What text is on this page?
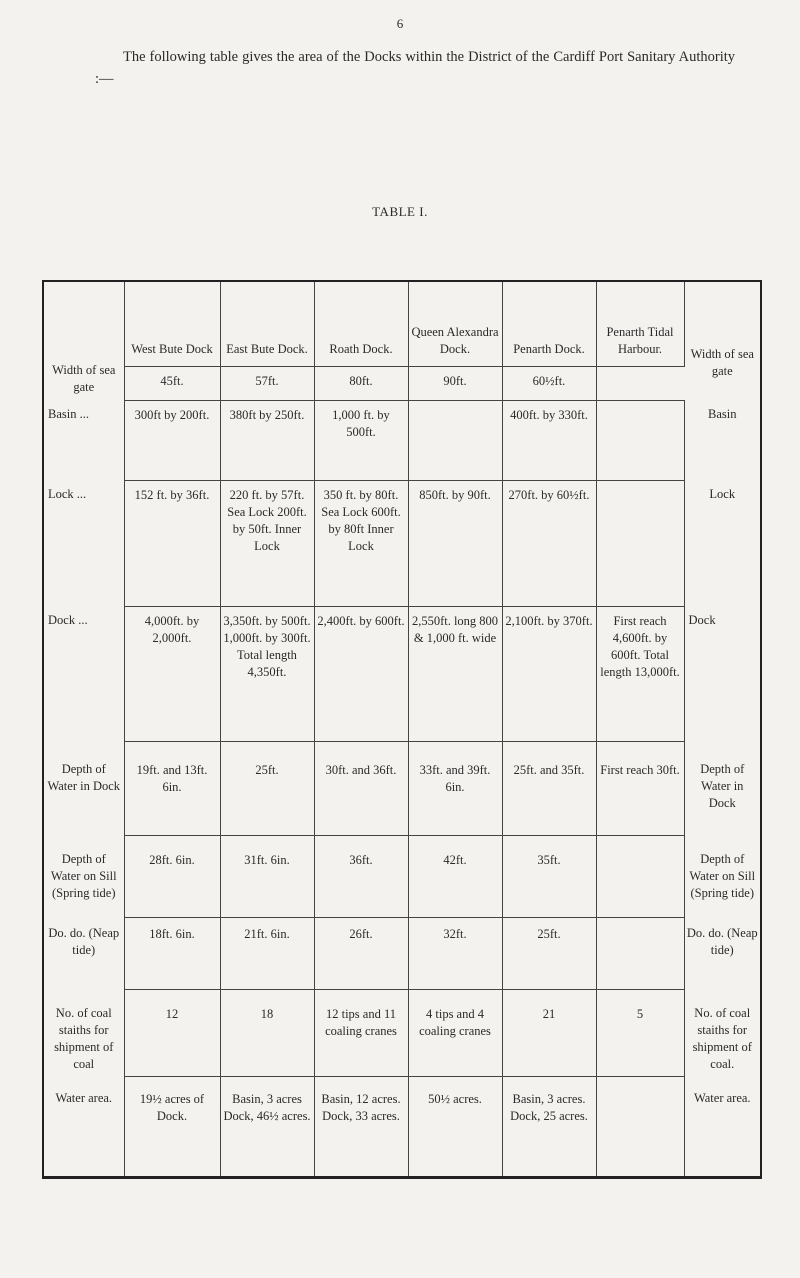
6
The following table gives the area of the Docks within the District of the Cardiff Port Sanitary Authority :—
TABLE I.
Width of sea gate	West Bute Dock	East Bute Dock.	Roath Dock.	Queen Alexandra Dock.	Penarth Dock.	Penarth Tidal Harbour.	Width of sea gate

	45ft.	57ft.	80ft.	90ft.	60½ft.		
Basin ...	300ft by 200ft.	380ft by 250ft.	1,000 ft. by 500ft.		400ft. by 330ft.		Basin
Lock ...	152 ft. by 36ft.	220 ft. by 57ft. Sea Lock 200ft. by 50ft. Inner Lock	350 ft. by 80ft. Sea Lock 600ft. by 80ft Inner Lock	850ft. by 90ft.	270ft. by 60½ft.		Lock
Dock ...	4,000ft. by 2,000ft.	3,350ft. by 500ft. 1,000ft. by 300ft. Total length 4,350ft.	2,400ft. by 600ft.	2,550ft. long 800 & 1,000 ft. wide	2,100ft. by 370ft.	First reach 4,600ft. by 600ft. Total length 13,000ft.	Dock
Depth of Water in Dock	19ft. and 13ft. 6in.	25ft.	30ft. and 36ft.	33ft. and 39ft. 6in.	25ft. and 35ft.	First reach 30ft.	Depth of Water in Dock
Depth of Water on Sill (Spring tide)	28ft. 6in.	31ft. 6in.	36ft.	42ft.	35ft.		Depth of Water on Sill (Spring tide)
Do. do. (Neap tide)	18ft. 6in.	21ft. 6in.	26ft.	32ft.	25ft.		Do. do. (Neap tide)
No. of coal staiths for shipment of coal	12	18	12 tips and 11 coaling cranes	4 tips and 4 coaling cranes	21	5	No. of coal staiths for shipment of coal.
Water area.	19½ acres of Dock.	Basin, 3 acres Dock, 46½ acres.	Basin, 12 acres. Dock, 33 acres.	50½ acres.	Basin, 3 acres. Dock, 25 acres.		Water area.
